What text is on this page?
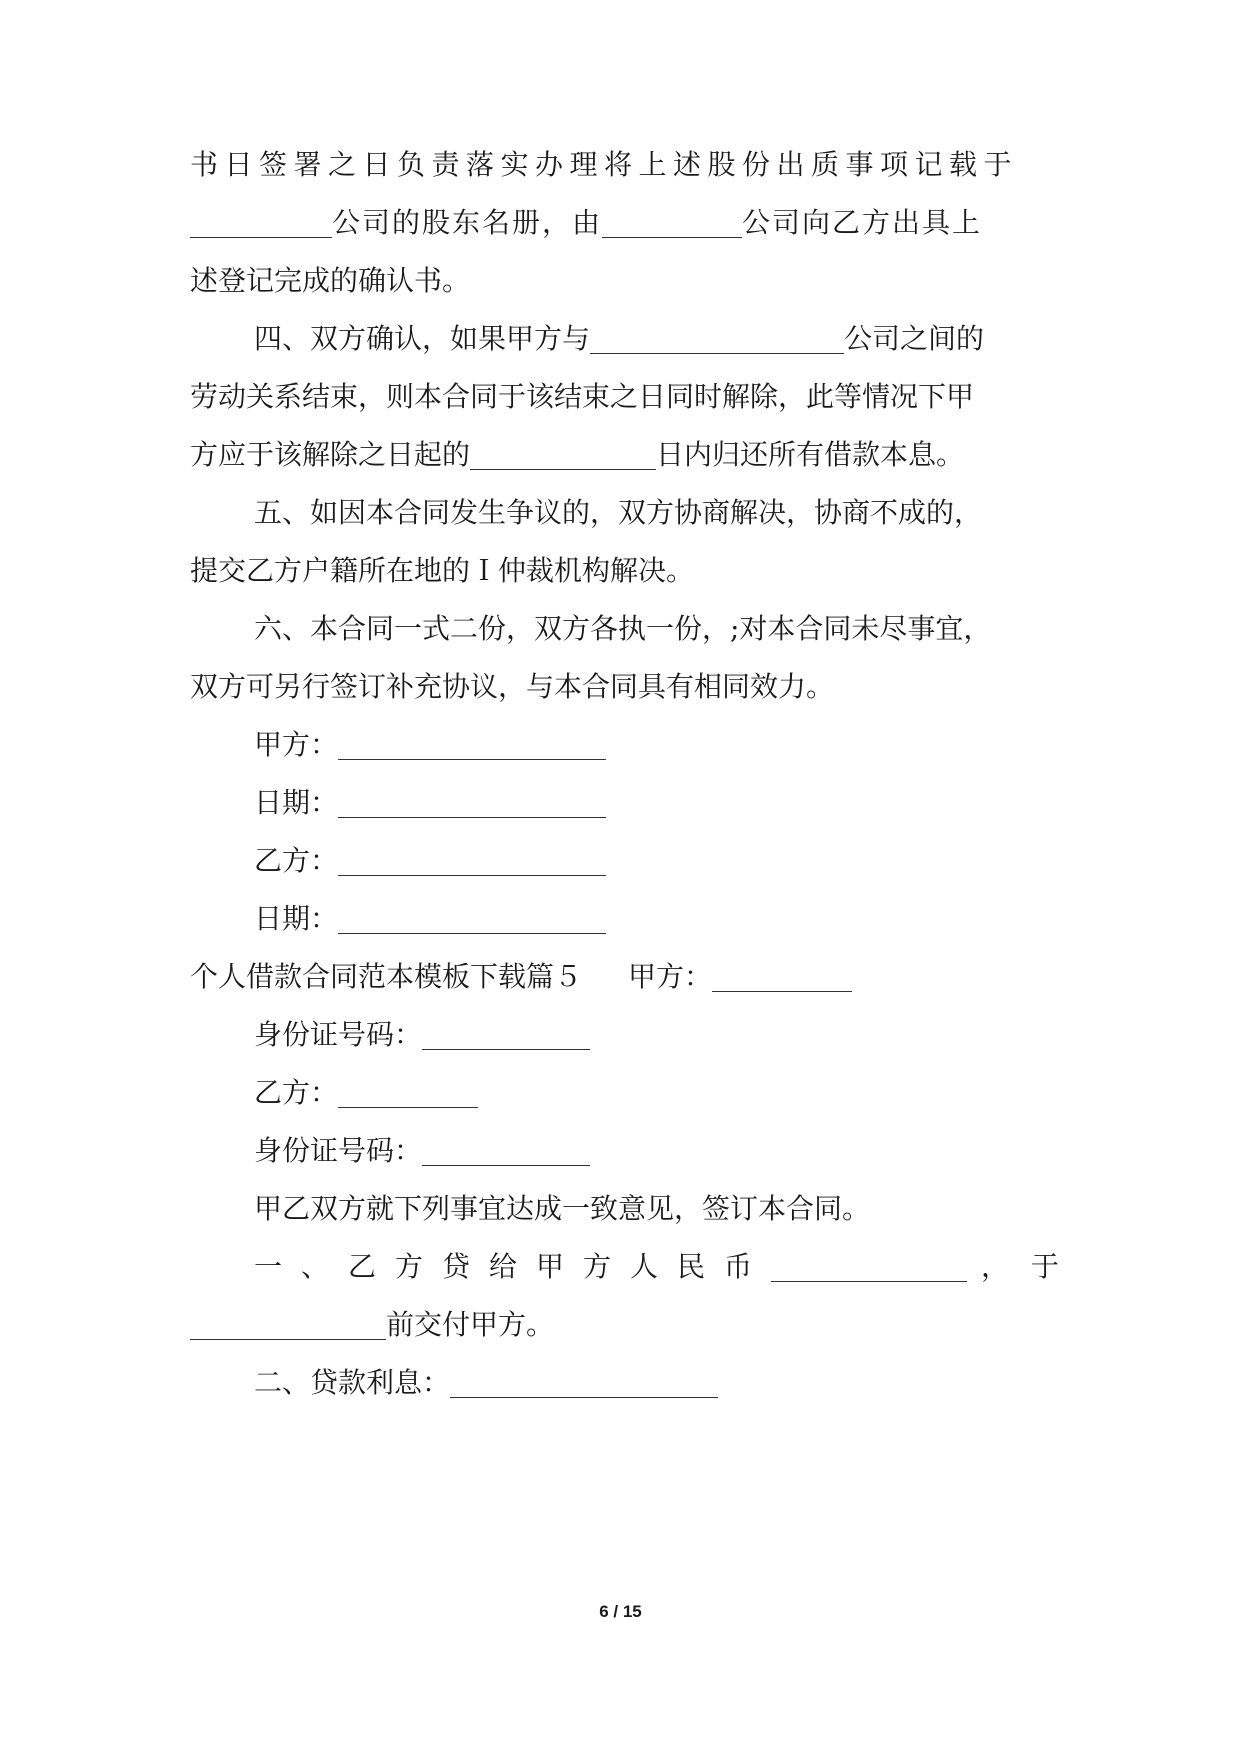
书日签署之日负责落实办理将上述股份出质事项记载于
公司的股东名册，由	公司向乙方出具上
述登记完成的确认书。
四、双方确认，如果甲方与	公司之间的
劳动关系结束，则本合同于该结束之日同时解除，此等情况下甲
方应于该解除之日起的	日内归还所有借款本息。
五、如因本合同发生争议的，双方协商解决，协商不成的，
提交乙方户籍所在地的Ｉ仲裁机构解决。
六、本合同一式二份，双方各执一份，;对本合同未尽事宜，
双方可另行签订补充协议，与本合同具有相同效力。
甲方：
日期：
乙方：
日期：
个人借款合同范本模板下载篇５ 甲方：
身份证号码：
乙方：
身份证号码：
甲乙双方就下列事宜达成一致意见，签订本合同。
一、乙方贷给甲方人民币	，于
前交付甲方。
二、贷款利息：
6 / 15
